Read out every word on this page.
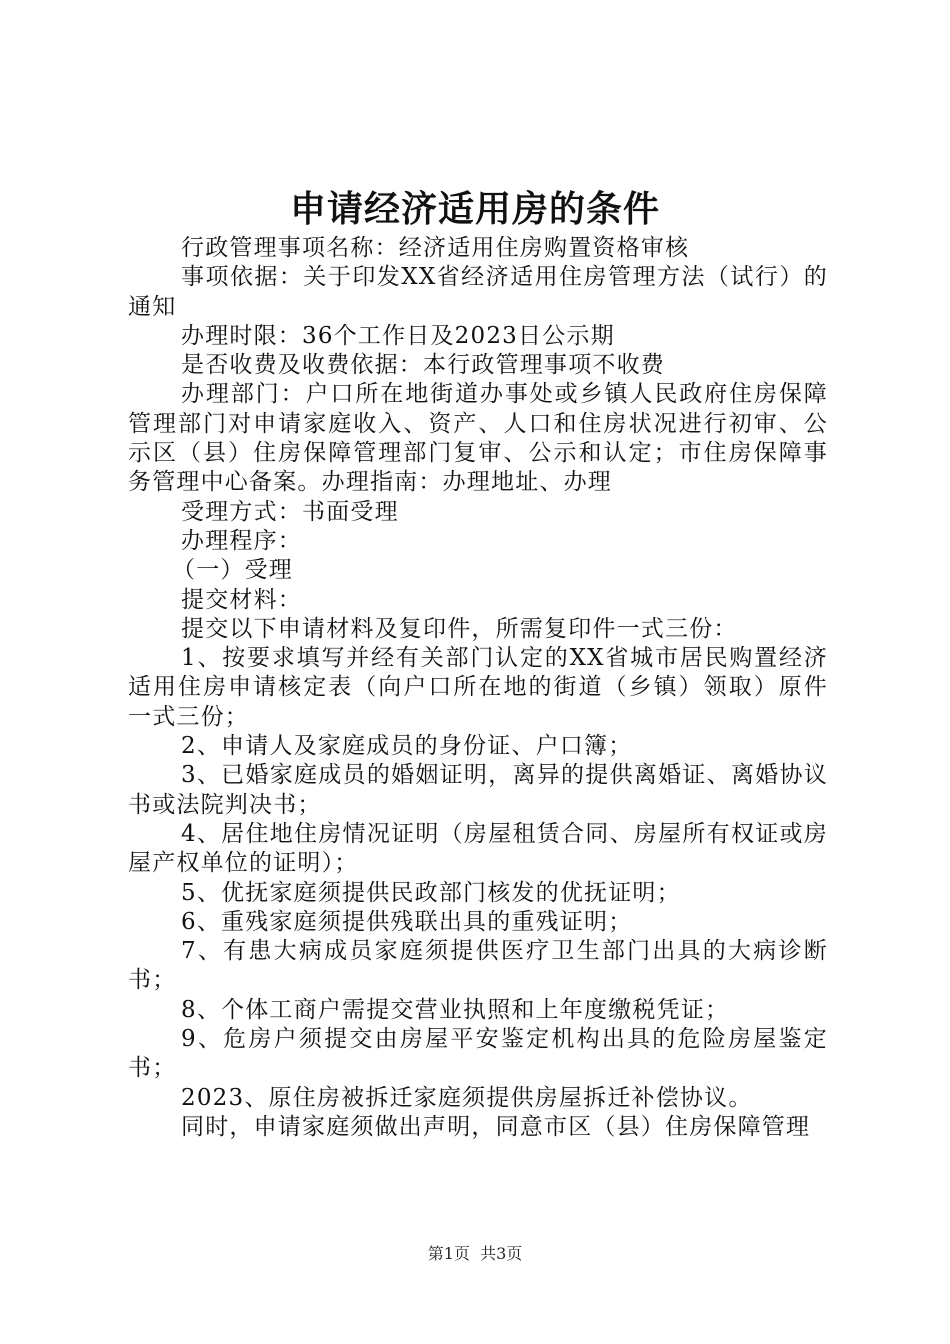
申请经济适用房的条件

行政管理事项名称：经济适用住房购置资格审核

事项依据：关于印发XX省经济适用住房管理方法（试行）的通知

办理时限：36个工作日及2023日公示期

是否收费及收费依据：本行政管理事项不收费

办理部门：户口所在地街道办事处或乡镇人民政府住房保障管理部门对申请家庭收入、资产、人口和住房状况进行初审、公示区（县）住房保障管理部门复审、公示和认定；市住房保障事务管理中心备案。办理指南：办理地址、办理

受理方式：书面受理

办理程序：

（一）受理

提交材料：

提交以下申请材料及复印件，所需复印件一式三份：

1、按要求填写并经有关部门认定的XX省城市居民购置经济适用住房申请核定表（向户口所在地的街道（乡镇）领取）原件一式三份；

2、申请人及家庭成员的身份证、户口簿；

3、已婚家庭成员的婚姻证明，离异的提供离婚证、离婚协议书或法院判决书；

4、居住地住房情况证明（房屋租赁合同、房屋所有权证或房屋产权单位的证明）；

5、优抚家庭须提供民政部门核发的优抚证明；

6、重残家庭须提供残联出具的重残证明；

7、有患大病成员家庭须提供医疗卫生部门出具的大病诊断书；

8、个体工商户需提交营业执照和上年度缴税凭证；

9、危房户须提交由房屋平安鉴定机构出具的危险房屋鉴定书；

2023、原住房被拆迁家庭须提供房屋拆迁补偿协议。

同时，申请家庭须做出声明，同意市区（县）住房保障管理

第1页  共3页
